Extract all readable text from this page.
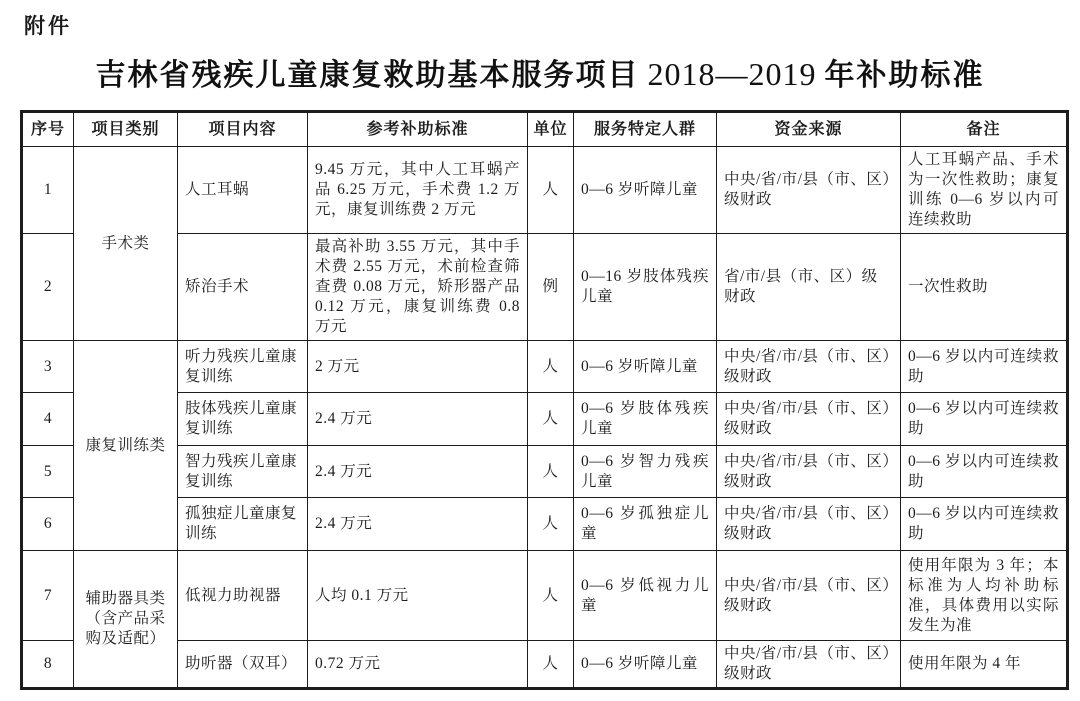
附件
吉林省残疾儿童康复救助基本服务项目 2018—2019 年补助标准
序号	项目类别	项目内容	参考补助标准	单位	服务特定人群	资金来源	备注
1	手术类	人工耳蜗	9.45 万元，其中人工耳蜗产品 6.25 万元，手术费 1.2 万元，康复训练费 2 万元	人	0—6 岁听障儿童	中央/省/市/县（市、区）级财政	人工耳蜗产品、手术为一次性救助；康复训练 0—6 岁以内可连续救助
2		矫治手术	最高补助 3.55 万元，其中手术费 2.55 万元，术前检查筛查费 0.08 万元，矫形器产品 0.12 万元，康复训练费 0.8 万元	例	0—16 岁肢体残疾儿童	省/市/县（市、区）级财政	一次性救助
3	康复训练类	听力残疾儿童康复训练	2 万元	人	0—6 岁听障儿童	中央/省/市/县（市、区）级财政	0—6 岁以内可连续救助
4		肢体残疾儿童康复训练	2.4 万元	人	0—6 岁肢体残疾儿童	中央/省/市/县（市、区）级财政	0—6 岁以内可连续救助
5		智力残疾儿童康复训练	2.4 万元	人	0—6 岁智力残疾儿童	中央/省/市/县（市、区）级财政	0—6 岁以内可连续救助
6		孤独症儿童康复训练	2.4 万元	人	0—6 岁孤独症儿童	中央/省/市/县（市、区）级财政	0—6 岁以内可连续救助
7	辅助器具类（含产品采购及适配）	低视力助视器	人均 0.1 万元	人	0—6 岁低视力儿童	中央/省/市/县（市、区）级财政	使用年限为 3 年；本标准为人均补助标准，具体费用以实际发生为准
8		助听器（双耳）	0.72 万元	人	0—6 岁听障儿童	中央/省/市/县（市、区）级财政	使用年限为 4 年
